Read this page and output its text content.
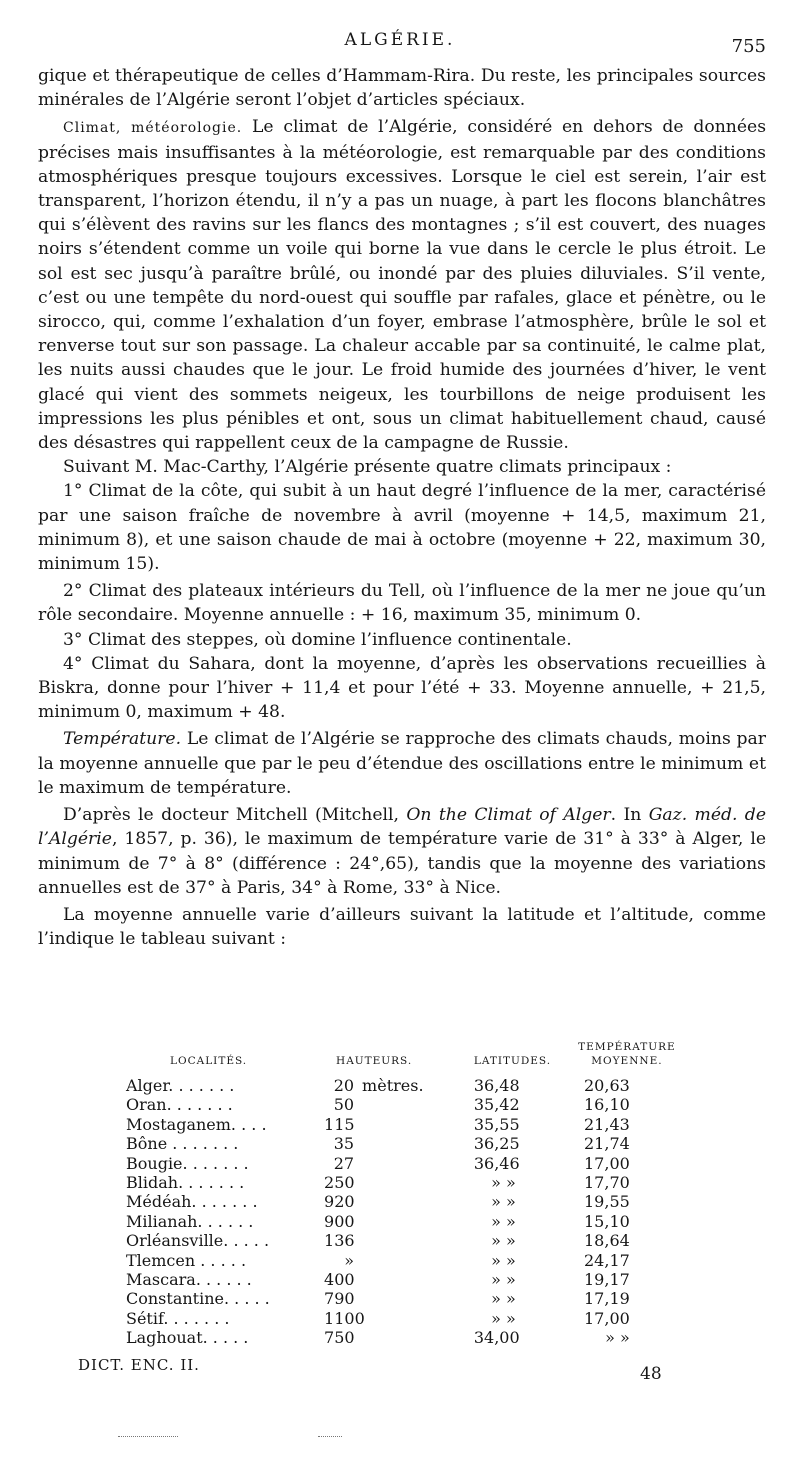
ALGÉRIE.	755

gique et thérapeutique de celles d’Hammam-Rira. Du reste, les principales sources minérales de l’Algérie seront l’objet d’articles spéciaux.

Climat, météorologie. Le climat de l’Algérie, considéré en dehors de données précises mais insuffisantes à la météorologie, est remarquable par des conditions atmosphériques presque toujours excessives. Lorsque le ciel est serein, l’air est transparent, l’horizon étendu, il n’y a pas un nuage, à part les flocons blanchâtres qui s’élèvent des ravins sur les flancs des montagnes ; s’il est couvert, des nuages noirs s’étendent comme un voile qui borne la vue dans le cercle le plus étroit. Le sol est sec jusqu’à paraître brûlé, ou inondé par des pluies diluviales. S’il vente, c’est ou une tempête du nord-ouest qui souffle par rafales, glace et pénètre, ou le sirocco, qui, comme l’exhalation d’un foyer, embrase l’atmosphère, brûle le sol et renverse tout sur son passage. La chaleur accable par sa continuité, le calme plat, les nuits aussi chaudes que le jour. Le froid humide des journées d’hiver, le vent glacé qui vient des sommets neigeux, les tourbillons de neige produisent les impressions les plus pénibles et ont, sous un climat habituellement chaud, causé des désastres qui rappellent ceux de la campagne de Russie.

Suivant M. Mac-Carthy, l’Algérie présente quatre climats principaux :

1° Climat de la côte, qui subit à un haut degré l’influence de la mer, caractérisé par une saison fraîche de novembre à avril (moyenne + 14,5, maximum 21, minimum 8), et une saison chaude de mai à octobre (moyenne + 22, maximum 30, minimum 15).

2° Climat des plateaux intérieurs du Tell, où l’influence de la mer ne joue qu’un rôle secondaire. Moyenne annuelle : + 16, maximum 35, minimum 0.

3° Climat des steppes, où domine l’influence continentale.

4° Climat du Sahara, dont la moyenne, d’après les observations recueillies à Biskra, donne pour l’hiver + 11,4 et pour l’été + 33. Moyenne annuelle, + 21,5, minimum 0, maximum + 48.

Température. Le climat de l’Algérie se rapproche des climats chauds, moins par la moyenne annuelle que par le peu d’étendue des oscillations entre le minimum et le maximum de température.

D’après le docteur Mitchell (Mitchell, On the Climat of Alger. In Gaz. méd. de l’Algérie, 1857, p. 36), le maximum de température varie de 31° à 33° à Alger, le minimum de 7° à 8° (différence : 24°,65), tandis que la moyenne des variations annuelles est de 37° à Paris, 34° à Rome, 33° à Nice.

La moyenne annuelle varie d’ailleurs suivant la latitude et l’altitude, comme l’indique le tableau suivant :

LOCALITÉS.	HAUTEURS.	LATITUDES.	TEMPÉRATURE MOYENNE.
Alger. . . . . . .	20 mètres.	36,48	20,63
Oran. . . . . . .	50	35,42	16,10
Mostaganem. . . .	115	35,55	21,43
Bône . . . . . . .	35	36,25	21,74
Bougie. . . . . . .	27	36,46	17,00
Blidah. . . . . . .	250	» »	17,70
Médéah. . . . . . .	920	» »	19,55
Milianah. . . . . .	900	» »	15,10
Orléansville. . . . .	136	» »	18,64
Tlemcen . . . . .	»	» »	24,17
Mascara. . . . . .	400	» »	19,17
Constantine. . . . .	790	» »	17,19
Sétif. . . . . . .	1100	» »	17,00
Laghouat. . . . .	750	34,00	» »
DICT. ENC. II.	48
